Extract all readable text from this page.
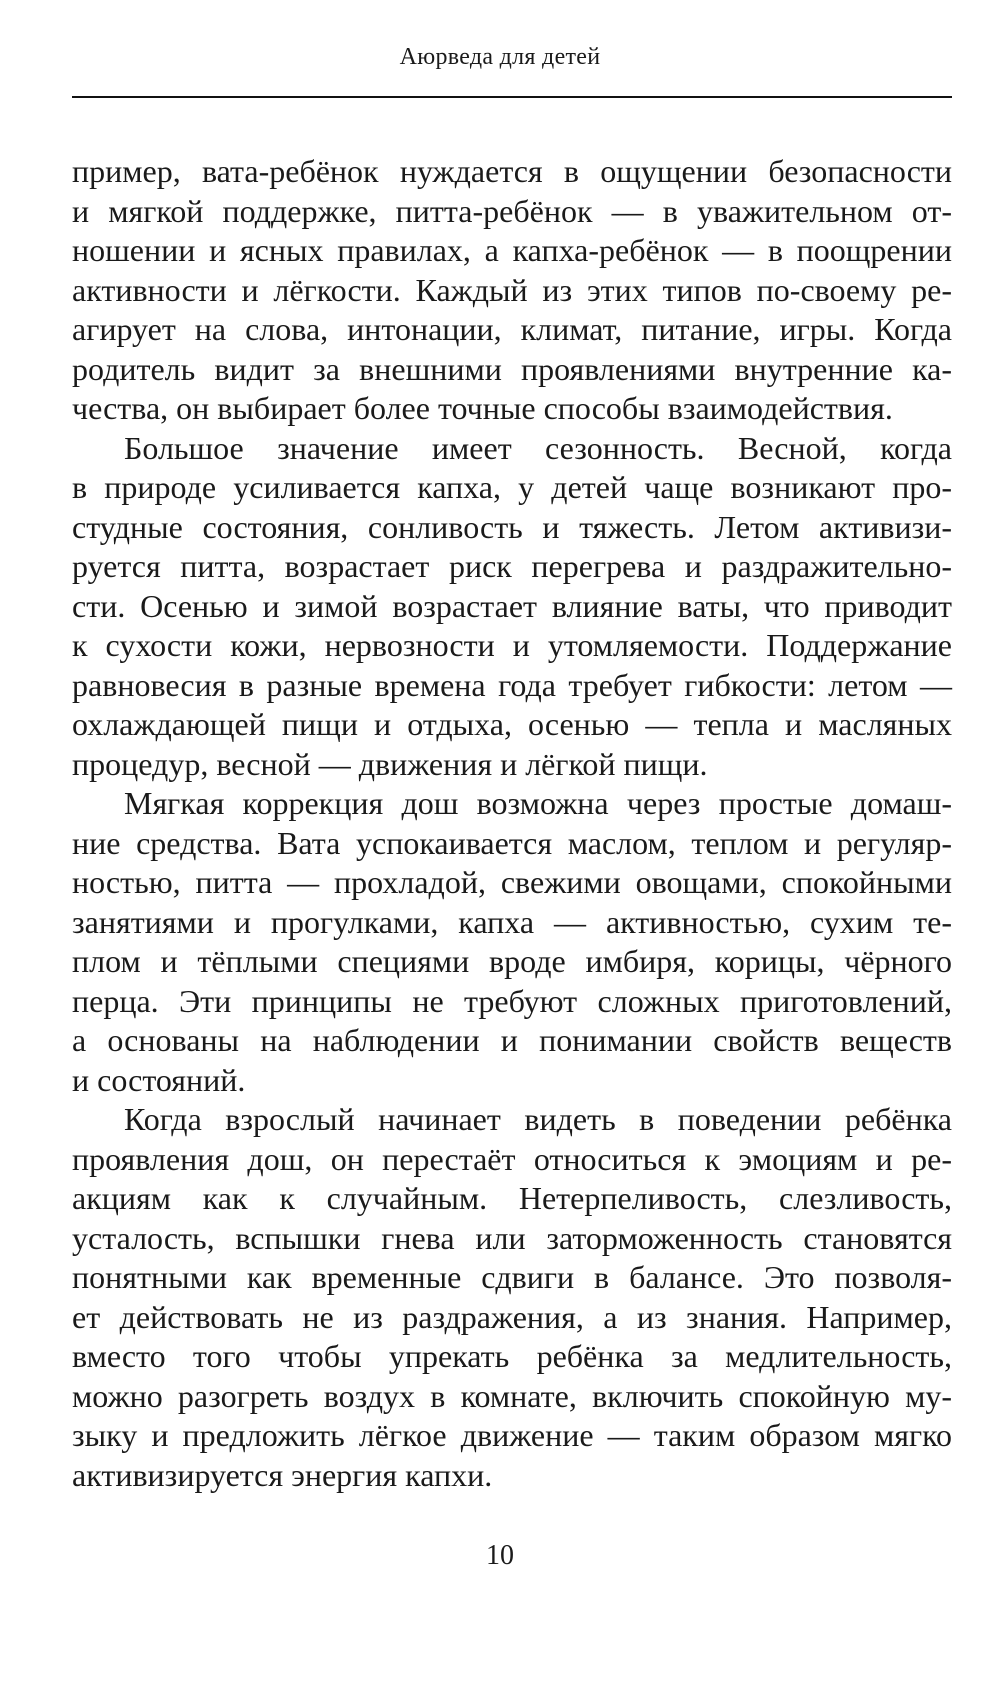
Аюрведа для детей
пример, вата-ребёнок нуждается в ощущении безопасности
и мягкой поддержке, питта-ребёнок — в уважительном от-
ношении и ясных правилах, а капха-ребёнок — в поощрении
активности и лёгкости. Каждый из этих типов по-своему ре-
агирует на слова, интонации, климат, питание, игры. Когда
родитель видит за внешними проявлениями внутренние ка-
чества, он выбирает более точные способы взаимодействия.
Большое значение имеет сезонность. Весной, когда
в природе усиливается капха, у детей чаще возникают про-
студные состояния, сонливость и тяжесть. Летом активизи-
руется питта, возрастает риск перегрева и раздражительно-
сти. Осенью и зимой возрастает влияние ваты, что приводит
к сухости кожи, нервозности и утомляемости. Поддержание
равновесия в разные времена года требует гибкости: летом —
охлаждающей пищи и отдыха, осенью — тепла и масляных
процедур, весной — движения и лёгкой пищи.
Мягкая коррекция дош возможна через простые домаш-
ние средства. Вата успокаивается маслом, теплом и регуляр-
ностью, питта — прохладой, свежими овощами, спокойными
занятиями и прогулками, капха — активностью, сухим те-
плом и тёплыми специями вроде имбиря, корицы, чёрного
перца. Эти принципы не требуют сложных приготовлений,
а основаны на наблюдении и понимании свойств веществ
и состояний.
Когда взрослый начинает видеть в поведении ребёнка
проявления дош, он перестаёт относиться к эмоциям и ре-
акциям как к случайным. Нетерпеливость, слезливость,
усталость, вспышки гнева или заторможенность становятся
понятными как временные сдвиги в балансе. Это позволя-
ет действовать не из раздражения, а из знания. Например,
вместо того чтобы упрекать ребёнка за медлительность,
можно разогреть воздух в комнате, включить спокойную му-
зыку и предложить лёгкое движение — таким образом мягко
активизируется энергия капхи.
10
